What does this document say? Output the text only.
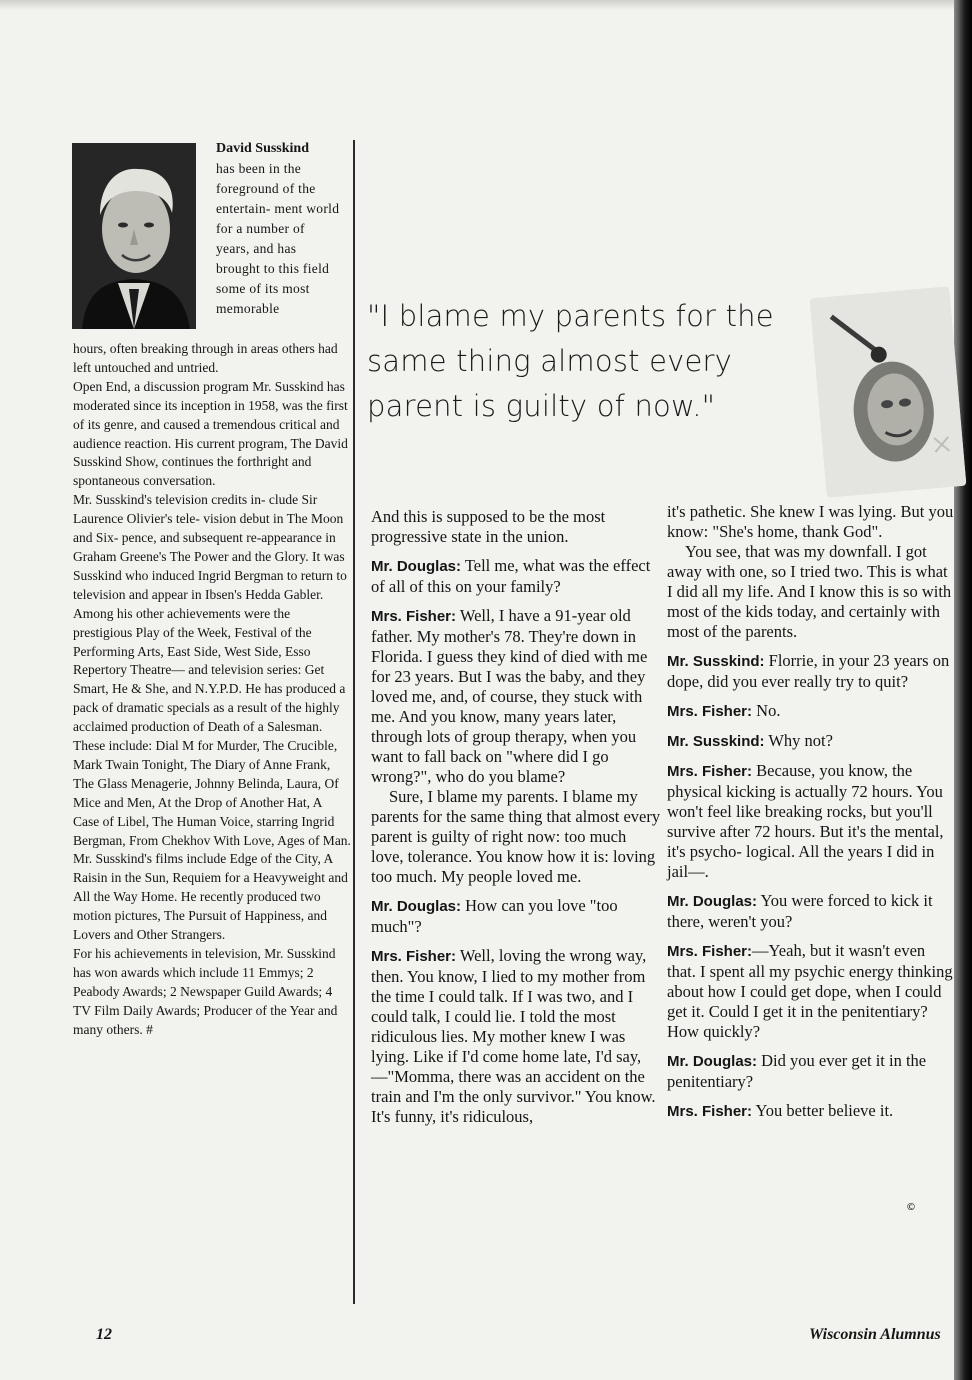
David Susskind

has been in the foreground of the entertain- ment world for a number of years, and has brought to this field some of its most memorable

hours, often breaking through in areas others had left untouched and untried.

Open End, a discussion program Mr. Susskind has moderated since its inception in 1958, was the first of its genre, and caused a tremendous critical and audience reaction. His current program, The David Susskind Show, continues the forthright and spontaneous conversation.

Mr. Susskind's television credits in- clude Sir Laurence Olivier's tele- vision debut in The Moon and Six- pence, and subsequent re-appearance in Graham Greene's The Power and the Glory. It was Susskind who induced Ingrid Bergman to return to television and appear in Ibsen's Hedda Gabler. Among his other achievements were the prestigious Play of the Week, Festival of the Performing Arts, East Side, West Side, Esso Repertory Theatre— and television series: Get Smart, He & She, and N.Y.P.D. He has produced a pack of dramatic specials as a result of the highly acclaimed production of Death of a Salesman. These include: Dial M for Murder, The Crucible, Mark Twain Tonight, The Diary of Anne Frank, The Glass Menagerie, Johnny Belinda, Laura, Of Mice and Men, At the Drop of Another Hat, A Case of Libel, The Human Voice, starring Ingrid Bergman, From Chekhov With Love, Ages of Man.

Mr. Susskind's films include Edge of the City, A Raisin in the Sun, Requiem for a Heavyweight and All the Way Home. He recently produced two motion pictures, The Pursuit of Happiness, and Lovers and Other Strangers.

For his achievements in television, Mr. Susskind has won awards which include 11 Emmys; 2 Peabody Awards; 2 Newspaper Guild Awards; 4 TV Film Daily Awards; Producer of the Year and many others. #

"I blame my parents for the same thing almost every parent is guilty of now."

And this is supposed to be the most progressive state in the union.

Mr. Douglas: Tell me, what was the effect of all of this on your family?

Mrs. Fisher: Well, I have a 91-year old father. My mother's 78. They're down in Florida. I guess they kind of died with me for 23 years. But I was the baby, and they loved me, and, of course, they stuck with me. And you know, many years later, through lots of group therapy, when you want to fall back on "where did I go wrong?", who do you blame?

Sure, I blame my parents. I blame my parents for the same thing that almost every parent is guilty of right now: too much love, tolerance. You know how it is: loving too much. My people loved me.

Mr. Douglas: How can you love "too much"?

Mrs. Fisher: Well, loving the wrong way, then. You know, I lied to my mother from the time I could talk. If I was two, and I could talk, I could lie. I told the most ridiculous lies. My mother knew I was lying. Like if I'd come home late, I'd say,—"Momma, there was an accident on the train and I'm the only survivor." You know. It's funny, it's ridiculous,

it's pathetic. She knew I was lying. But you know: "She's home, thank God".

You see, that was my downfall. I got away with one, so I tried two. This is what I did all my life. And I know this is so with most of the kids today, and certainly with most of the parents.

Mr. Susskind: Florrie, in your 23 years on dope, did you ever really try to quit?

Mrs. Fisher: No.

Mr. Susskind: Why not?

Mrs. Fisher: Because, you know, the physical kicking is actually 72 hours. You won't feel like breaking rocks, but you'll survive after 72 hours. But it's the mental, it's psycho- logical. All the years I did in jail—.

Mr. Douglas: You were forced to kick it there, weren't you?

Mrs. Fisher:—Yeah, but it wasn't even that. I spent all my psychic energy thinking about how I could get dope, when I could get it. Could I get it in the penitentiary? How quickly?

Mr. Douglas: Did you ever get it in the penitentiary?

Mrs. Fisher: You better believe it.

©

12	Wisconsin Alumnus
